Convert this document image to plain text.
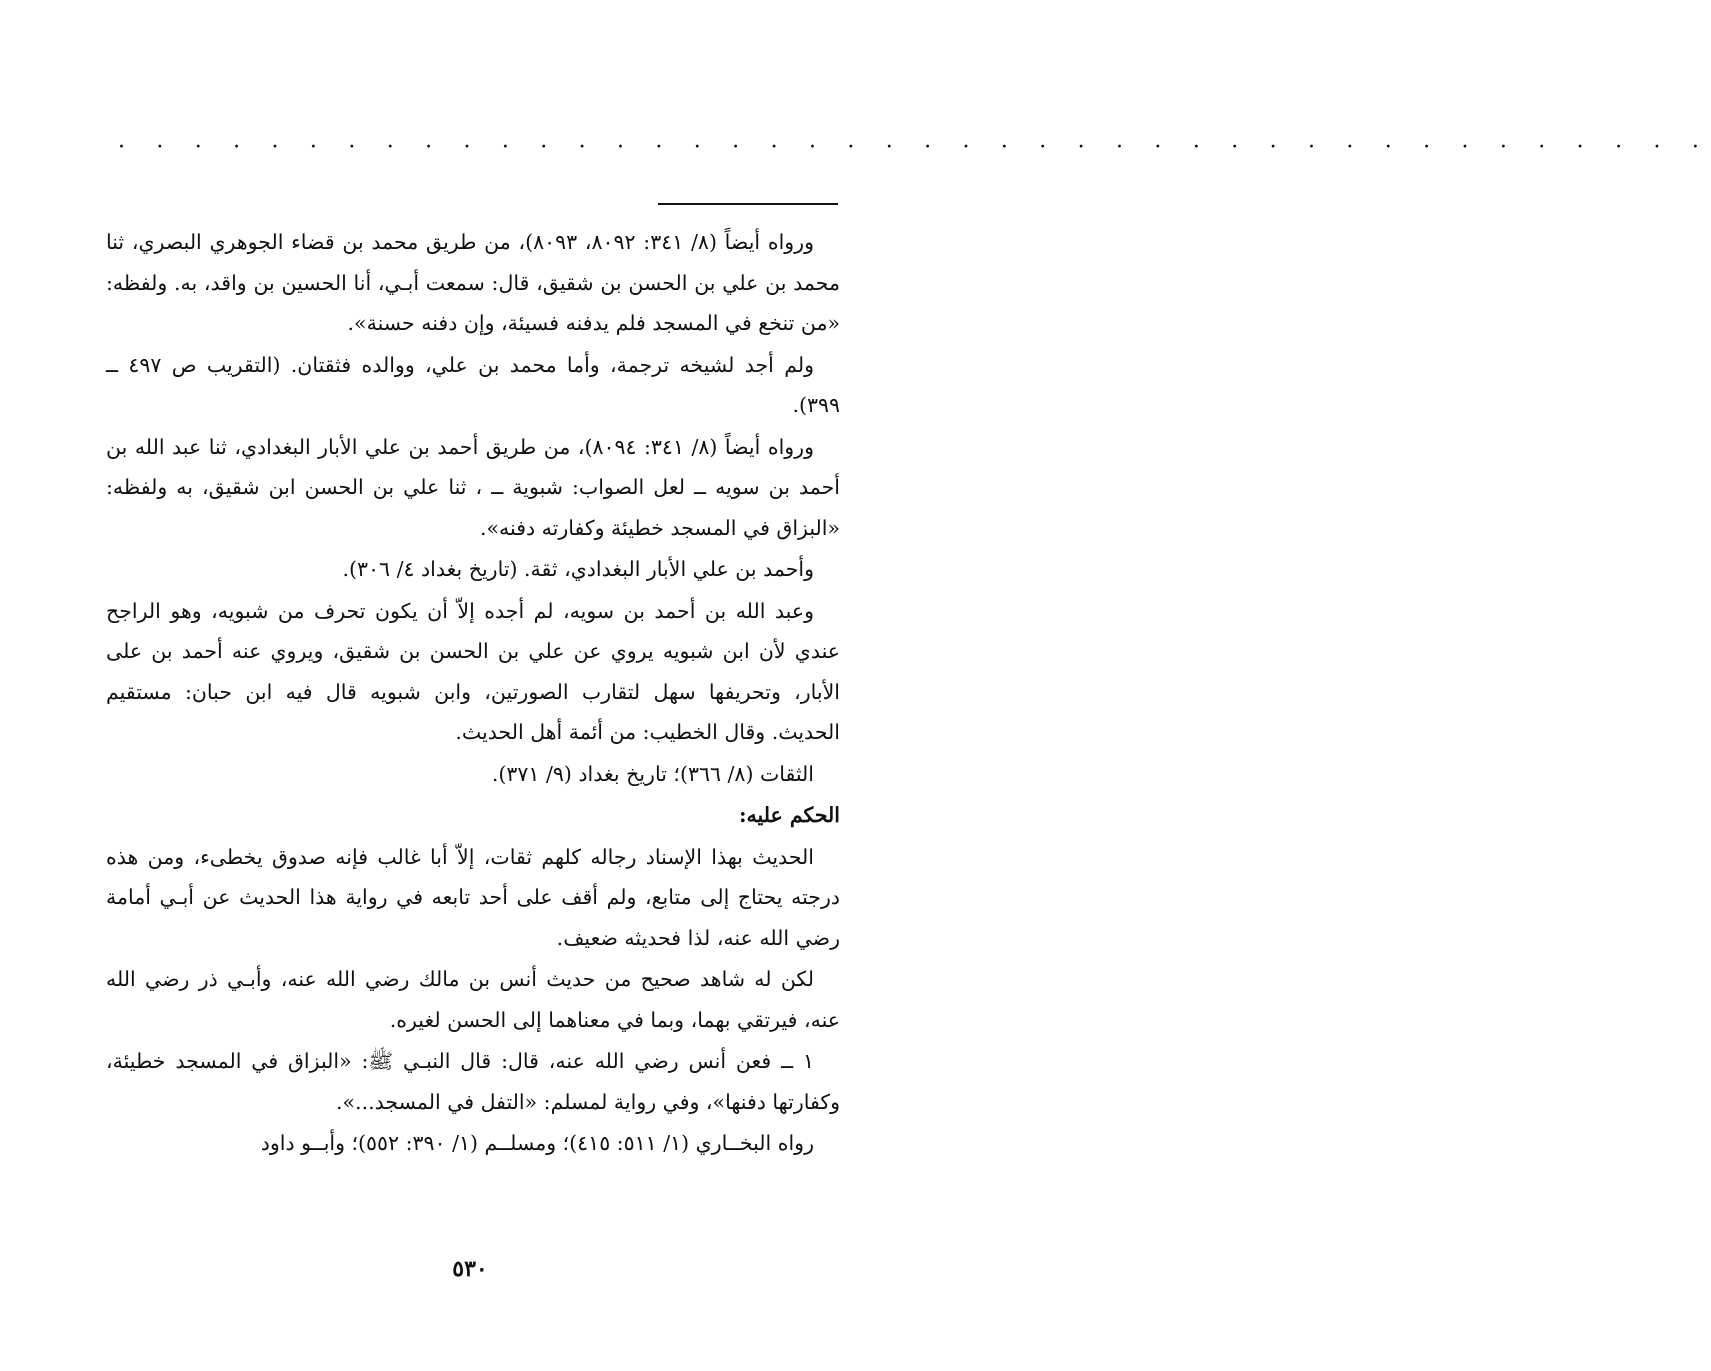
· · · · · · · · · · · · · · · · · · · · · · · · · · · · · · · · · · · · · · · · · ·

ورواه أيضاً (٨/ ٣٤١: ٨٠٩٢، ٨٠٩٣)، من طريق محمد بن قضاء الجوهري البصري، ثنا محمد بن علي بن الحسن بن شقيق، قال: سمعت أبـي، أنا الحسين بن واقد، به. ولفظه: «من تنخع في المسجد فلم يدفنه فسيئة، وإن دفنه حسنة».

ولم أجد لشيخه ترجمة، وأما محمد بن علي، ووالده فثقتان. (التقريب ص ٤٩٧ ــ ٣٩٩).

ورواه أيضاً (٨/ ٣٤١: ٨٠٩٤)، من طريق أحمد بن علي الأبار البغدادي، ثنا عبد الله بن أحمد بن سويه ــ لعل الصواب: شبوية ــ ، ثنا علي بن الحسن ابن شقيق، به ولفظه: «البزاق في المسجد خطيئة وكفارته دفنه».

وأحمد بن علي الأبار البغدادي، ثقة. (تاريخ بغداد ٤/ ٣٠٦).

وعبد الله بن أحمد بن سويه، لم أجده إلاّ أن يكون تحرف من شبويه، وهو الراجح عندي لأن ابن شبويه يروي عن علي بن الحسن بن شقيق، ويروي عنه أحمد بن على الأبار، وتحريفها سهل لتقارب الصورتين، وابن شبويه قال فيه ابن حبان: مستقيم الحديث. وقال الخطيب: من أئمة أهل الحديث.

الثقات (٨/ ٣٦٦)؛ تاريخ بغداد (٩/ ٣٧١).

الحكم عليه:

الحديث بهذا الإسناد رجاله كلهم ثقات، إلاّ أبا غالب فإنه صدوق يخطىء، ومن هذه درجته يحتاج إلى متابع، ولم أقف على أحد تابعه في رواية هذا الحديث عن أبـي أمامة رضي الله عنه، لذا فحديثه ضعيف.

لكن له شاهد صحيح من حديث أنس بن مالك رضي الله عنه، وأبـي ذر رضي الله عنه، فيرتقي بهما، وبما في معناهما إلى الحسن لغيره.

١ ــ فعن أنس رضي الله عنه، قال: قال النبـي ﷺ: «البزاق في المسجد خطيئة، وكفارتها دفنها»، وفي رواية لمسلم: «التفل في المسجد...».

رواه البخــاري (١/ ٥١١: ٤١٥)؛ ومسلــم (١/ ٣٩٠: ٥٥٢)؛ وأبــو داود

٥٣٠
